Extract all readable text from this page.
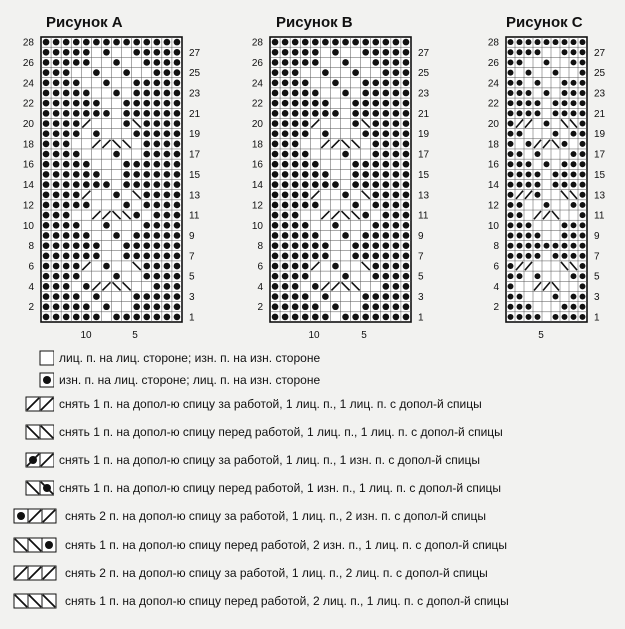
Рисунок А	Рисунок В	Рисунок С
1
2
3
4
5
6
7
8
9
10
11
12
13
14
15
16
17
18
19
20
21
22
23
24
25
26
27
28
10	5
1
2
3
4
5
6
7
8
9
10
11
12
13
14
15
16
17
18
19
20
21
22
23
24
25
26
27
28
10	5
1
2
3
4
5
6
7
8
9
10
11
12
13
14
15
16
17
18
19
20
21
22
23
24
25
26
27
28
5
лиц. п. на лиц. стороне; изн. п. на изн. стороне
изн. п. на лиц. стороне; лиц. п. на изн. стороне
снять 1 п. на допол-ю спицу за работой, 1 лиц. п., 1 лиц. п. с допол-й спицы
снять 1 п. на допол-ю спицу перед работой, 1 лиц. п., 1 лиц. п. с допол-й спицы
снять 1 п. на допол-ю спицу за работой, 1 лиц. п., 1 изн. п. с допол-й спицы
снять 1 п. на допол-ю спицу перед работой, 1 изн. п., 1 лиц. п. с допол-й спицы
снять 2 п. на допол-ю спицу за работой, 1 лиц. п., 2 изн. п. с допол-й спицы
снять 1 п. на допол-ю спицу перед работой, 2 изн. п., 1 лиц. п. с допол-й спицы
снять 2 п. на допол-ю спицу за работой, 1 лиц. п., 2 лиц. п. с допол-й спицы
снять 1 п. на допол-ю спицу перед работой, 2 лиц. п., 1 лиц. п. с допол-й спицы
